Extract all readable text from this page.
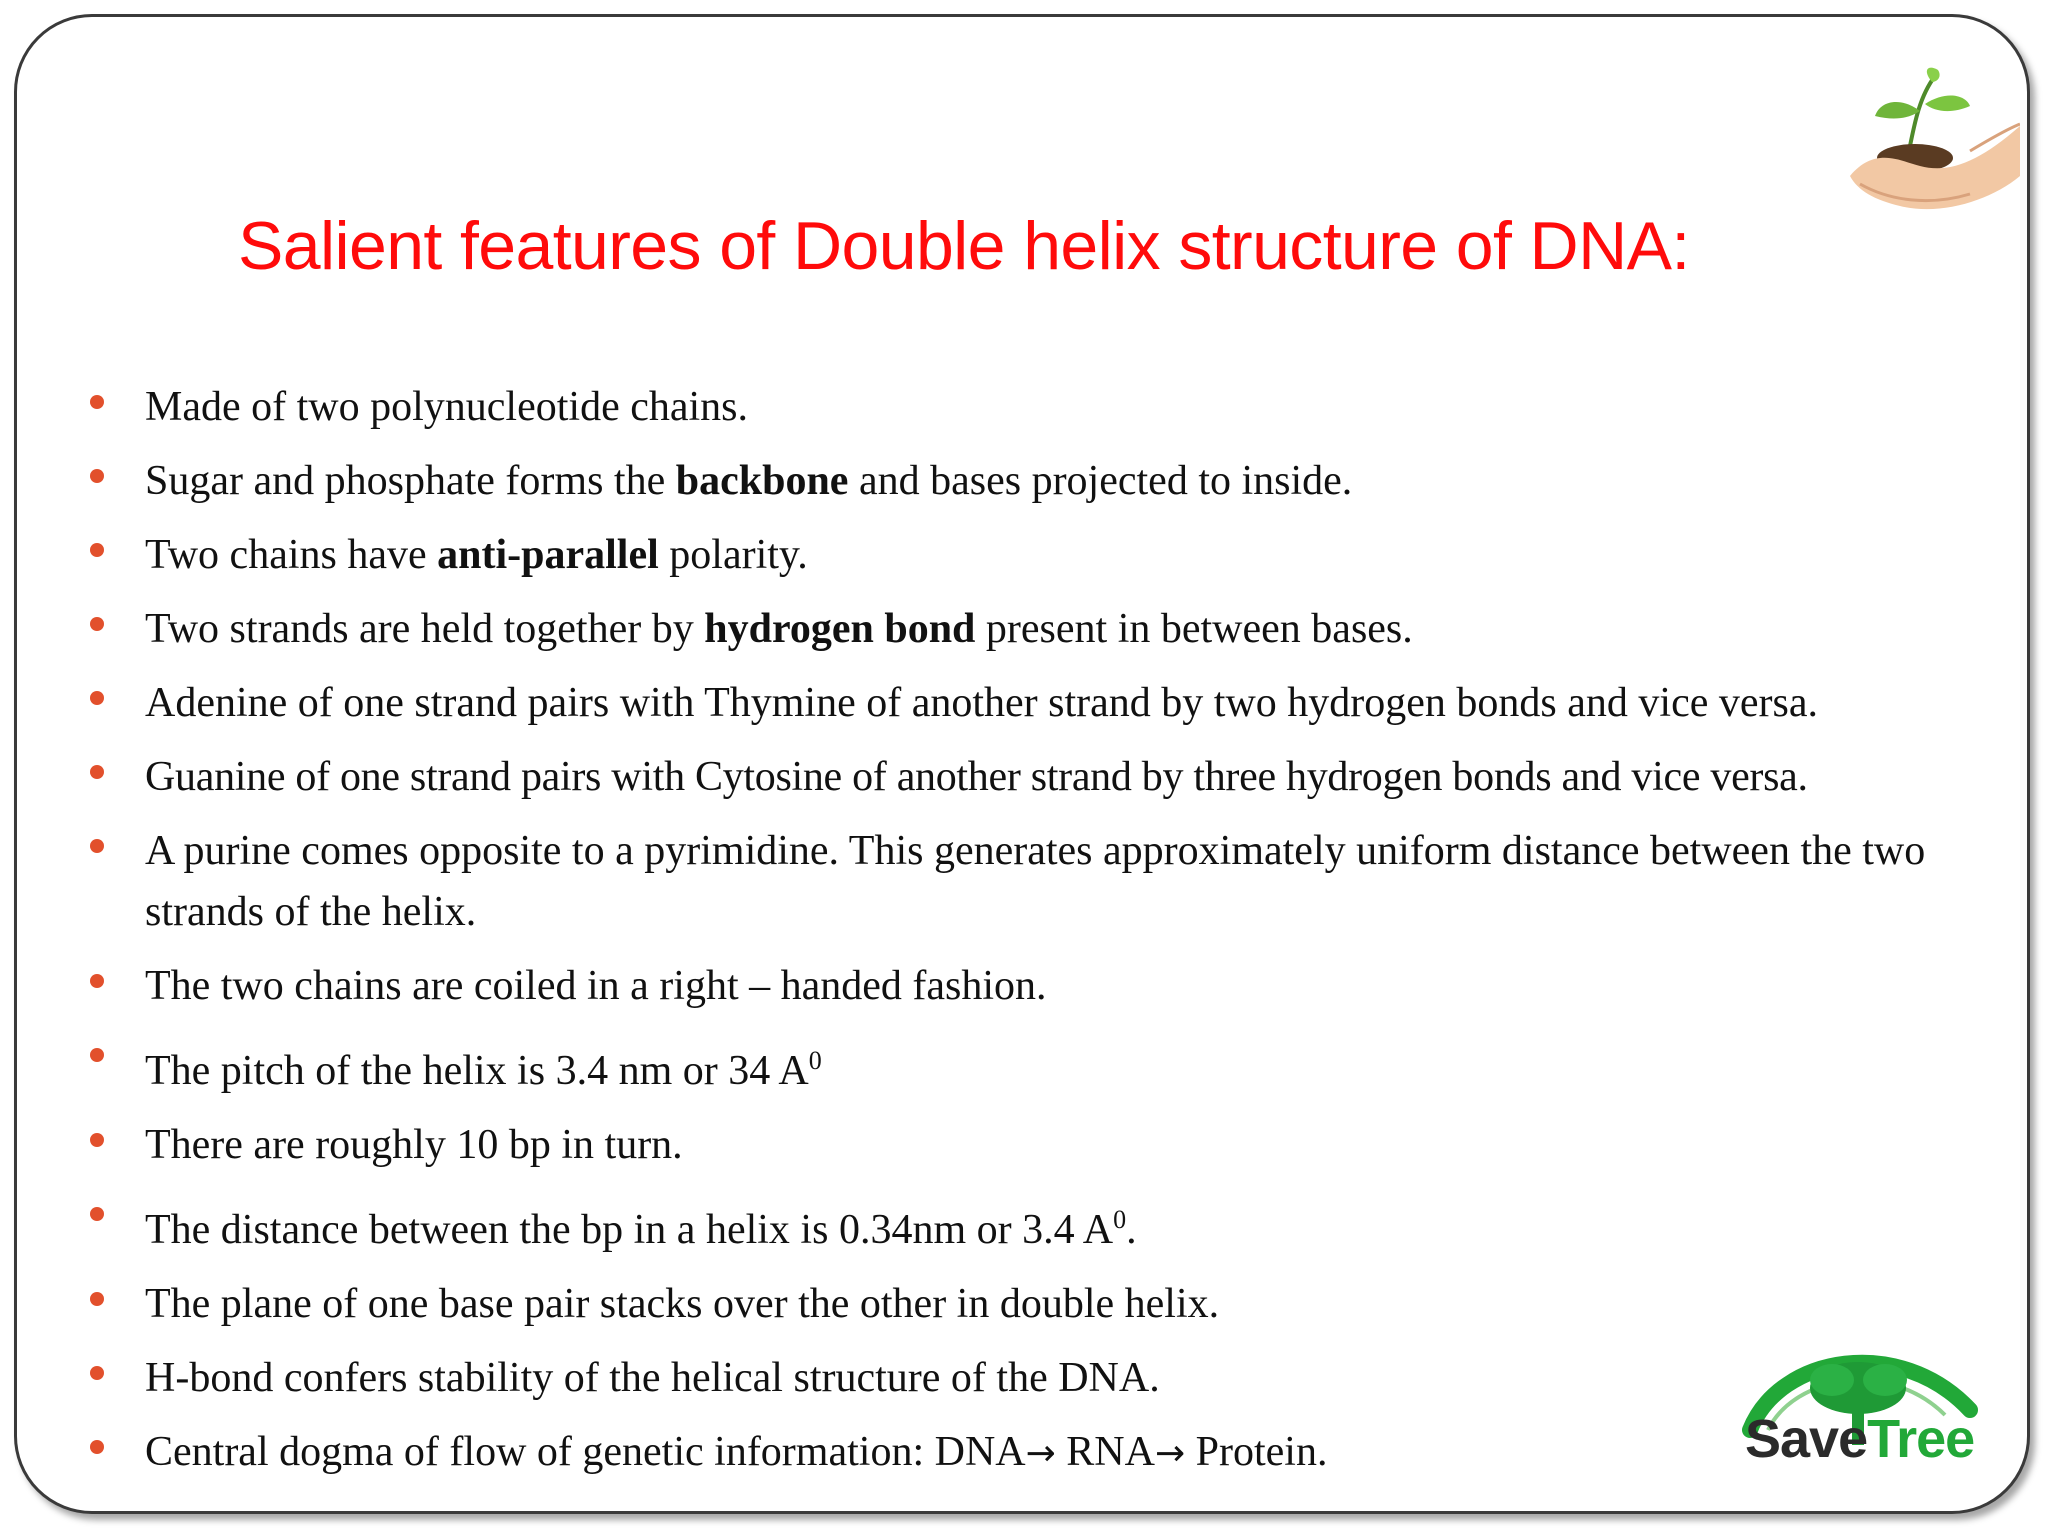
Salient features of Double helix structure of DNA:
Made of two polynucleotide chains.
Sugar and phosphate forms the backbone and bases projected to inside.
Two chains have anti-parallel polarity.
Two strands are held together by hydrogen bond present in between bases.
Adenine of one strand pairs with Thymine of another strand by two hydrogen bonds and vice versa.
Guanine of one strand pairs with Cytosine of another strand by three hydrogen bonds and vice versa.
A purine comes opposite to a pyrimidine. This generates approximately uniform distance between the two strands of the helix.
The two chains are coiled in a right – handed fashion.
The pitch of the helix is 3.4 nm or 34 $A^0$
There are roughly 10 bp in turn.
The distance between the bp in a helix is 0.34nm or 3.4 $A^0$.
The plane of one base pair stacks over the other in double helix.
H-bond confers stability of the helical structure of the DNA.
Central dogma of flow of genetic information: DNA→ RNA→ Protein.	SaveTree
